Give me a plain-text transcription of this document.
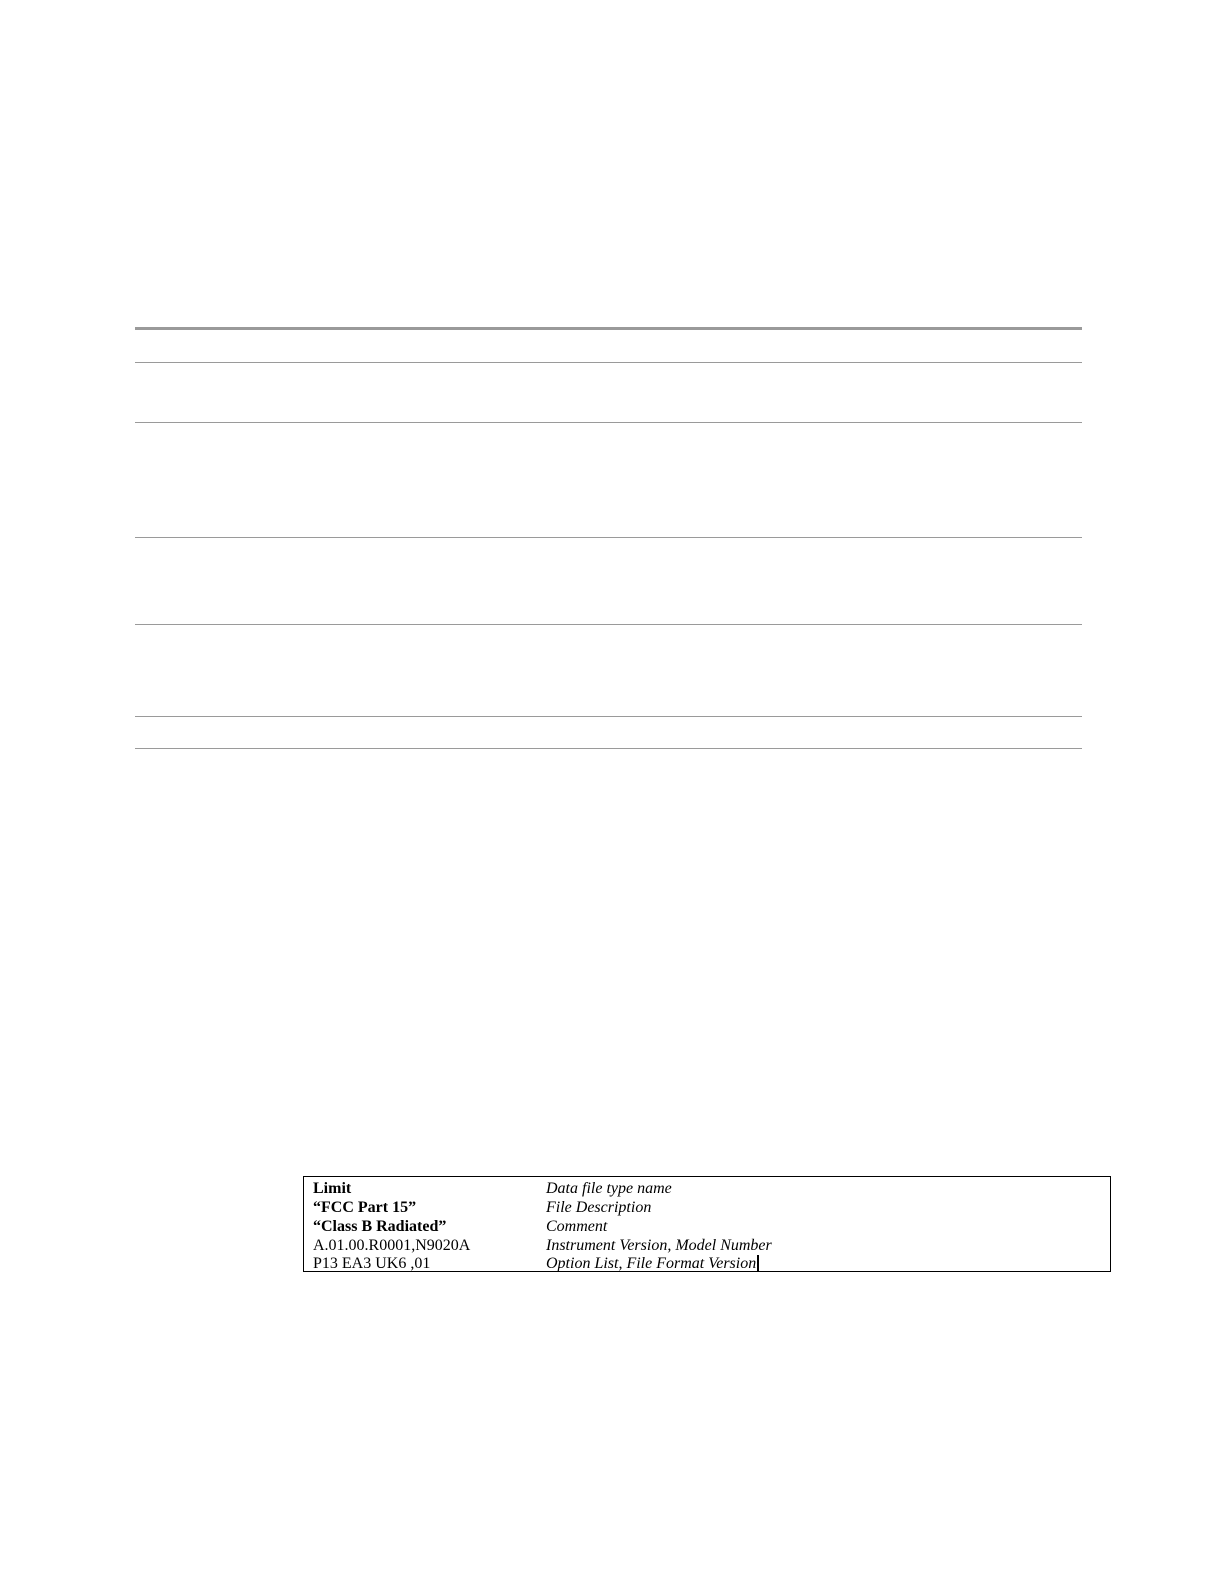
Limit	Data file type name
“FCC Part 15”	File Description
“Class B Radiated”	Comment
A.01.00.R0001,N9020A	Instrument Version, Model Number
P13 EA3 UK6 ,01	Option List, File Format Version
